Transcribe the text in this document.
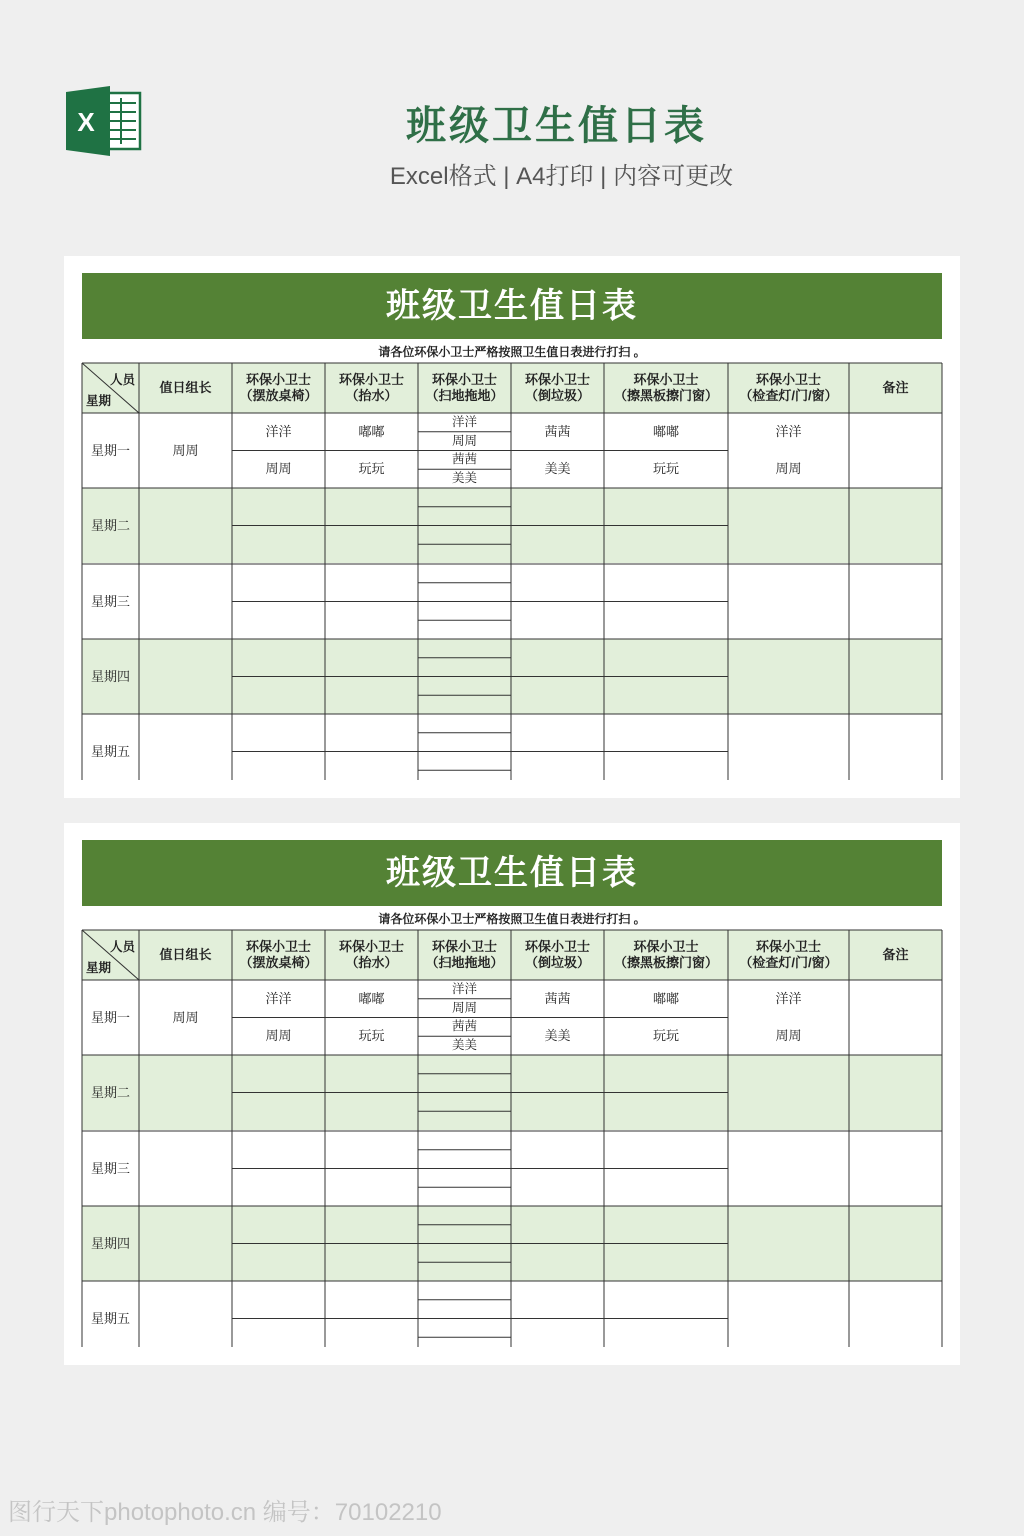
X	班级卫生值日表

Excel格式 | A4打印 | 内容可更改

班级卫生值日表
请各位环保小卫士严格按照卫生值日表进行打扫 。
人员
星期
值日组长
环保小卫士
（摆放桌椅）
环保小卫士
（抬水）
环保小卫士
（扫地拖地）
环保小卫士
（倒垃圾）
环保小卫士
（擦黑板擦门窗）
环保小卫士
（检查灯/门/窗）
备注
星期一
星期二
星期三
星期四
星期五
周周
洋洋
周周
嘟嘟
玩玩
茜茜
美美
嘟嘟
玩玩
洋洋
周周
洋洋
周周
茜茜
美美
班级卫生值日表
请各位环保小卫士严格按照卫生值日表进行打扫 。
人员
星期
值日组长
环保小卫士
（摆放桌椅）
环保小卫士
（抬水）
环保小卫士
（扫地拖地）
环保小卫士
（倒垃圾）
环保小卫士
（擦黑板擦门窗）
环保小卫士
（检查灯/门/窗）
备注
星期一
星期二
星期三
星期四
星期五
周周
洋洋
周周
嘟嘟
玩玩
茜茜
美美
嘟嘟
玩玩
洋洋
周周
洋洋
周周
茜茜
美美
图行天下photophoto.cn 编号：70102210
